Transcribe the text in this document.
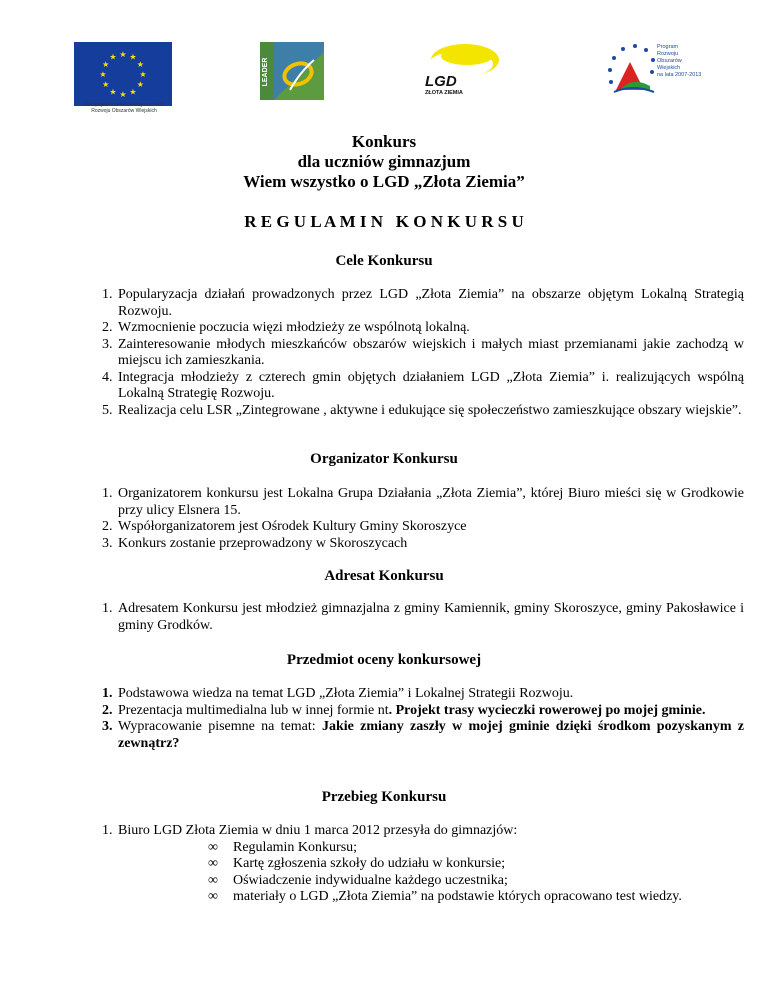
★ ★
★
★
★
★
★
★
★
★
★
★
Europejski Fundusz Rolny na rzecz
Rozwoju Obszarów Wiejskich
LEADER	LGD
ZŁOTA ZIEMIA
Program
Rozwoju
Obszarów
Wiejskich
na lata 2007-2013
Konkurs
dla uczniów gimnazjum
Wiem wszystko o LGD „Złota Ziemia”
R E G U L A M I N   K O N K U R S U
Cele Konkursu
1. Popularyzacja działań prowadzonych przez LGD „Złota Ziemia” na obszarze objętym Lokalną Strategią Rozwoju.
2. Wzmocnienie poczucia więzi młodzieży ze wspólnotą lokalną.
3. Zainteresowanie młodych mieszkańców obszarów wiejskich i małych miast przemianami jakie zachodzą w miejscu ich zamieszkania.
4. Integracja młodzieży z czterech gmin objętych działaniem LGD „Złota Ziemia” i. realizujących wspólną Lokalną Strategię Rozwoju.
5. Realizacja celu LSR „Zintegrowane , aktywne i edukujące się społeczeństwo zamieszkujące obszary wiejskie”.
Organizator Konkursu
1. Organizatorem konkursu jest Lokalna Grupa Działania „Złota Ziemia”, której Biuro mieści się w Grodkowie przy ulicy Elsnera 15.
2. Współorganizatorem jest Ośrodek Kultury Gminy Skoroszyce
3. Konkurs zostanie przeprowadzony w Skoroszycach
Adresat Konkursu
1. Adresatem Konkursu jest młodzież gimnazjalna z gminy Kamiennik, gminy Skoroszyce, gminy Pakosławice i gminy Grodków.
Przedmiot oceny konkursowej
1. Podstawowa wiedza na temat LGD „Złota Ziemia” i Lokalnej Strategii Rozwoju.
2. Prezentacja multimedialna lub w innej formie nt. Projekt trasy wycieczki rowerowej po mojej gminie.
3. Wypracowanie pisemne na temat: Jakie zmiany zaszły w mojej gminie dzięki środkom pozyskanym z zewnątrz?
Przebieg Konkursu
1. Biuro LGD Złota Ziemia w dniu 1 marca 2012 przesyła do gimnazjów:
∞ Regulamin Konkursu;
∞ Kartę zgłoszenia szkoły do udziału w konkursie;
∞ Oświadczenie indywidualne każdego uczestnika;
∞ materiały o LGD „Złota Ziemia” na podstawie których opracowano test wiedzy.
